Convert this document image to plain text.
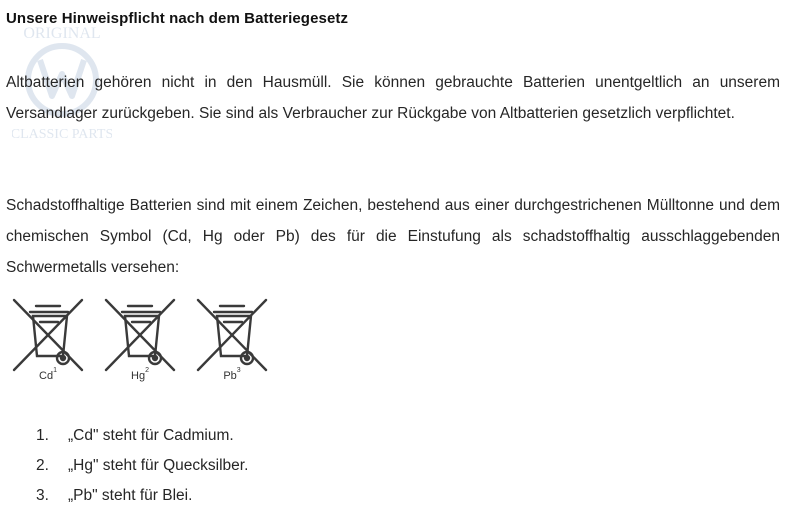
ORIGINAL
CLASSIC PARTS
Unsere Hinweispflicht nach dem Batteriegesetz
Altbatterien gehören nicht in den Hausmüll. Sie können gebrauchte Batterien unentgeltlich an unserem Versandlager zurückgeben. Sie sind als Verbraucher zur Rückgabe von Altbatterien gesetzlich verpflichtet.
Schadstoffhaltige Batterien sind mit einem Zeichen, bestehend aus einer durchgestrichenen Mülltonne und dem chemischen Symbol (Cd, Hg oder Pb) des für die Einstufung als schadstoffhaltig ausschlaggebenden Schwermetalls versehen:
Cd$^1$	Hg$^2$	Pb$^3$
1. „Cd" steht für Cadmium.
2. „Hg" steht für Quecksilber.
3. „Pb" steht für Blei.
